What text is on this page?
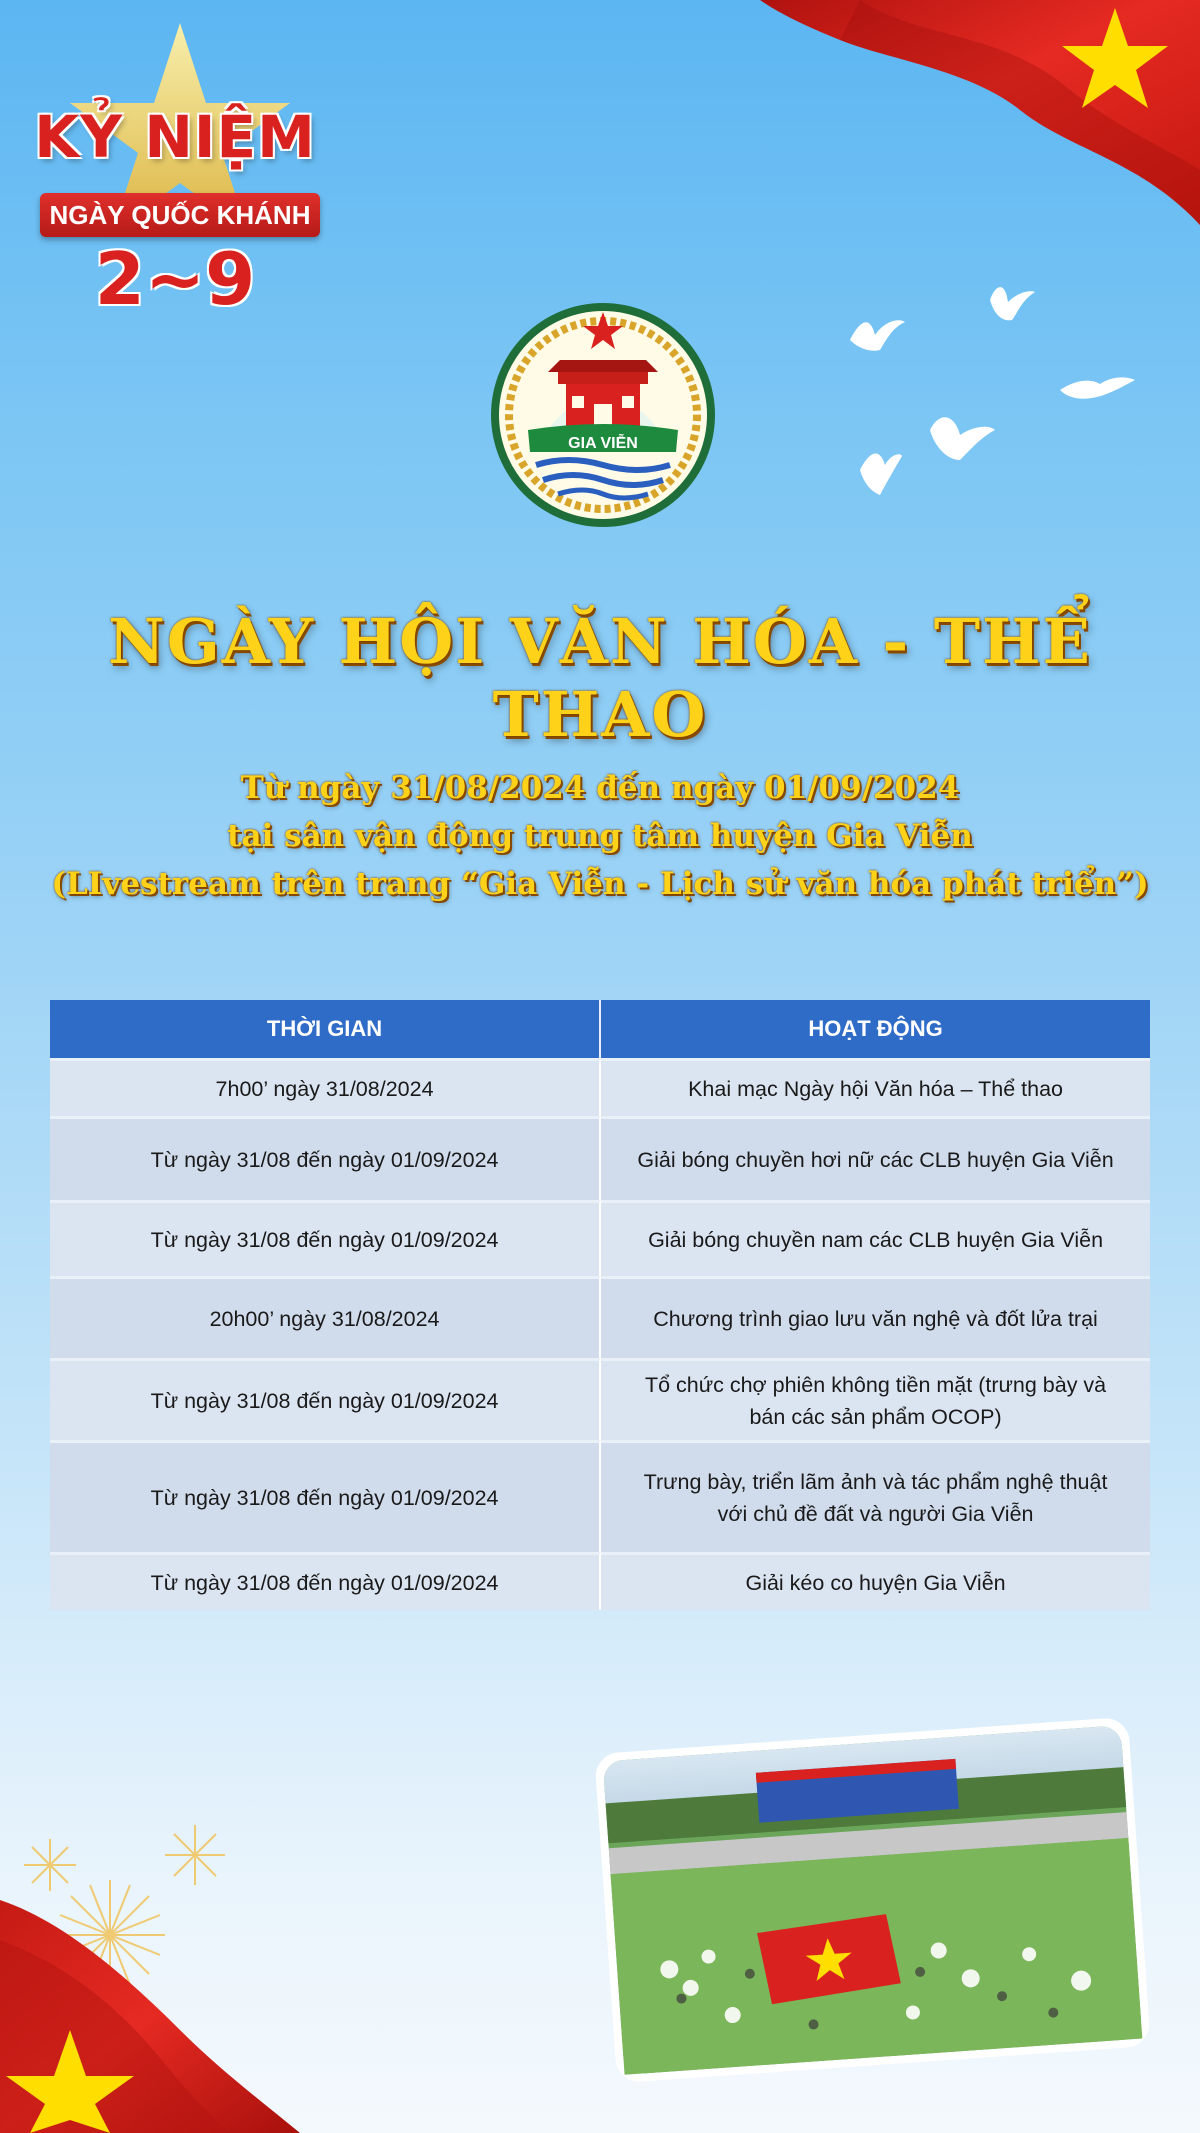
KỶ NIỆM
NGÀY QUỐC KHÁNH
2~9
GIA VIỄN
NGÀY HỘI VĂN HÓA - THỂ THAO
Từ ngày 31/08/2024 đến ngày 01/09/2024
tại sân vận động trung tâm huyện Gia Viễn
(LIvestream trên trang “Gia Viễn - Lịch sử văn hóa phát triển”)
THỜI GIAN	HOẠT ĐỘNG
7h00’ ngày 31/08/2024	Khai mạc Ngày hội Văn hóa – Thể thao
Từ ngày 31/08 đến ngày 01/09/2024	Giải bóng chuyền hơi nữ các CLB huyện Gia Viễn
Từ ngày 31/08 đến ngày 01/09/2024	Giải bóng chuyền nam các CLB huyện Gia Viễn
20h00’ ngày 31/08/2024	Chương trình giao lưu văn nghệ và đốt lửa trại
Từ ngày 31/08 đến ngày 01/09/2024	Tổ chức chợ phiên không tiền mặt (trưng bày và bán các sản phẩm OCOP)
Từ ngày 31/08 đến ngày 01/09/2024	Trưng bày, triển lãm ảnh và tác phẩm nghệ thuật với chủ đề đất và người Gia Viễn
Từ ngày 31/08 đến ngày 01/09/2024	Giải kéo co huyện Gia Viễn
